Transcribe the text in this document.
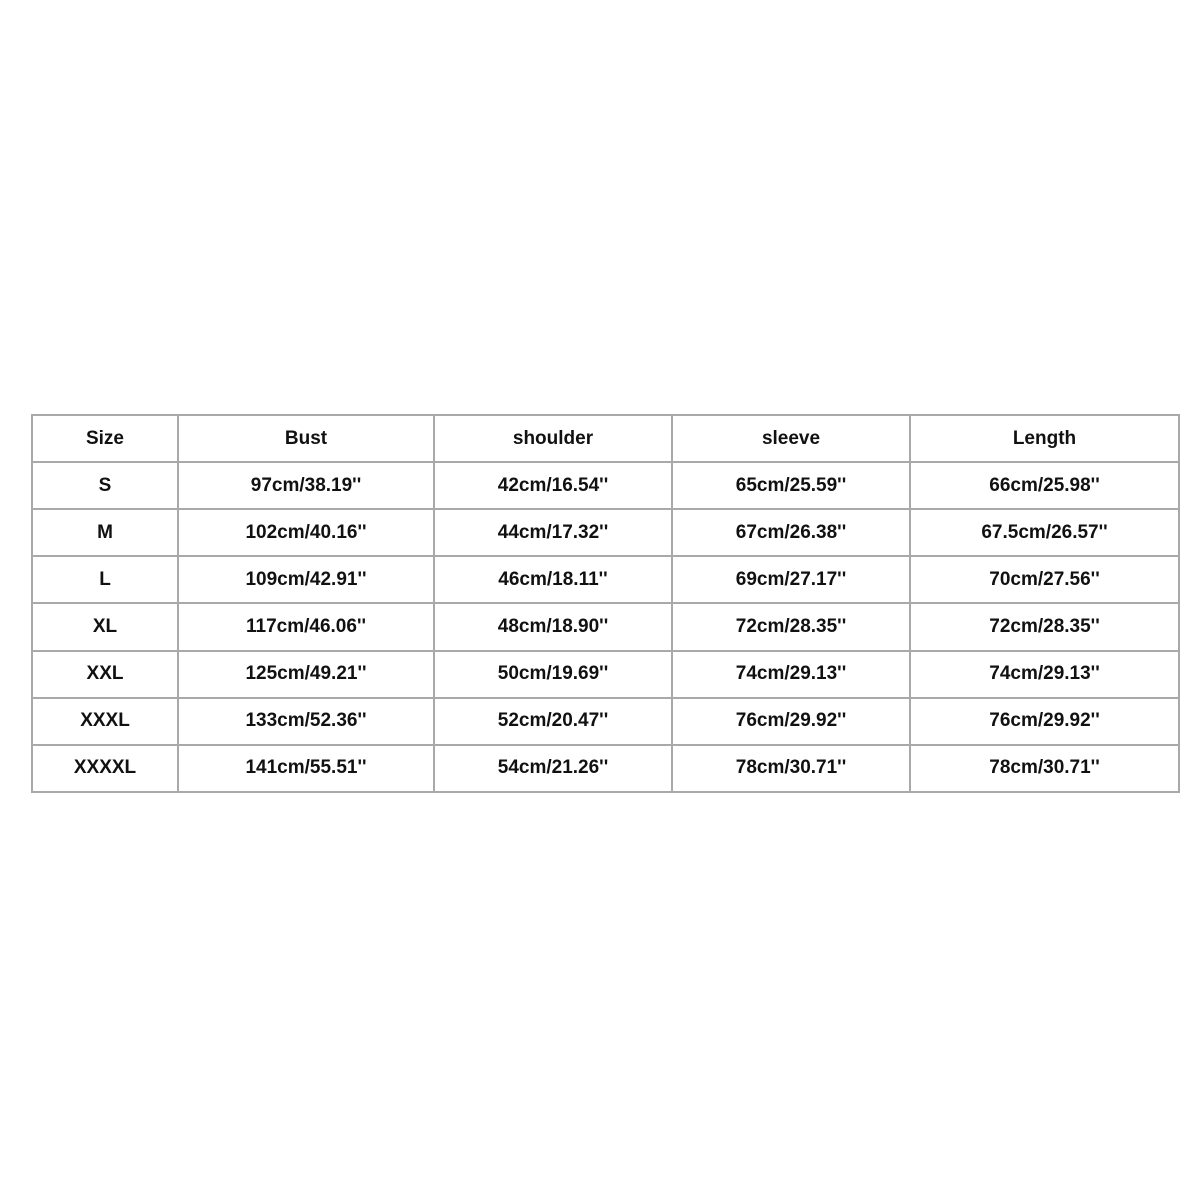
Size	Bust	shoulder	sleeve	Length
S	97cm/38.19''	42cm/16.54''	65cm/25.59''	66cm/25.98''
M	102cm/40.16''	44cm/17.32''	67cm/26.38''	67.5cm/26.57''
L	109cm/42.91''	46cm/18.11''	69cm/27.17''	70cm/27.56''
XL	117cm/46.06''	48cm/18.90''	72cm/28.35''	72cm/28.35''
XXL	125cm/49.21''	50cm/19.69''	74cm/29.13''	74cm/29.13''
XXXL	133cm/52.36''	52cm/20.47''	76cm/29.92''	76cm/29.92''
XXXXL	141cm/55.51''	54cm/21.26''	78cm/30.71''	78cm/30.71''
